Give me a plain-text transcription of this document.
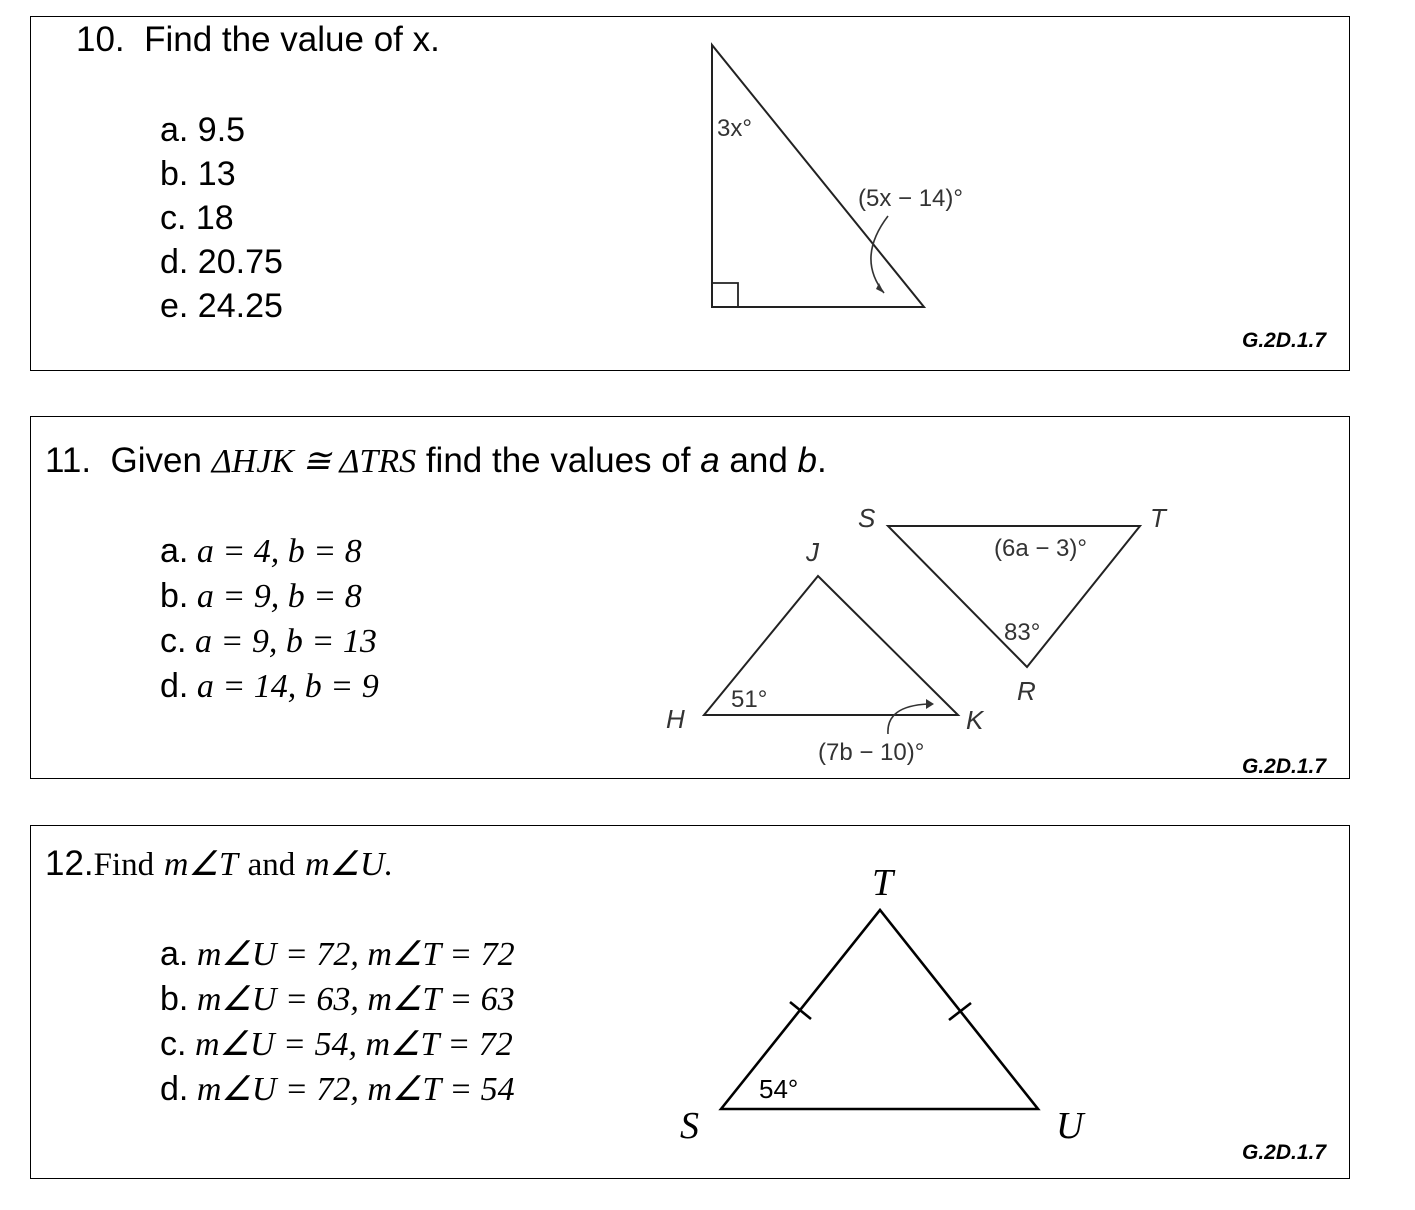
10. Find the value of x.
a. 9.5
b. 13
c. 18
d. 20.75
e. 24.25
3x°
(5x − 14)°
G.2D.1.7
11. Given ΔHJK ≅ ΔTRS find the values of a and b.
a. a = 4, b = 8
b. a = 9, b = 8
c. a = 9, b = 13
d. a = 14, b = 9
H
J
K
51°
(7b − 10)°
S	T
R
(6a − 3)°
83°
G.2D.1.7
12.Find m∠T and m∠U.
a. m∠U = 72, m∠T = 72
b. m∠U = 63, m∠T = 63
c. m∠U = 54, m∠T = 72
d. m∠U = 72, m∠T = 54
T
S	U
54°
G.2D.1.7
